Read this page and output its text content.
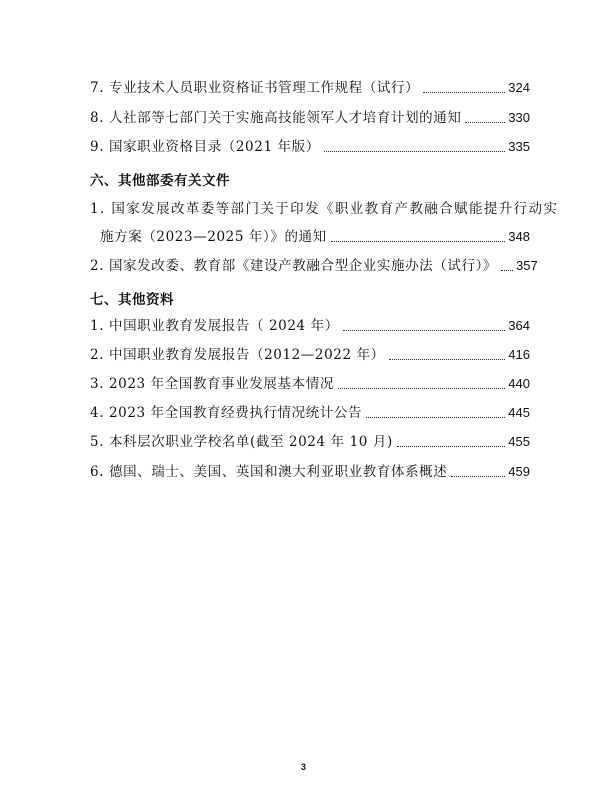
7. 专业技术人员职业资格证书管理工作规程（试行）	324
8. 人社部等七部门关于实施高技能领军人才培育计划的通知	330
9. 国家职业资格目录（2021 年版）	335
六、其他部委有关文件
1. 国家发展改革委等部门关于印发《职业教育产教融合赋能提升行动实
施方案（2023—2025 年）》的通知	348
2. 国家发改委、教育部《建设产教融合型企业实施办法（试行）》 357
七、其他资料
1. 中国职业教育发展报告（ 2024 年）	364
2. 中国职业教育发展报告（2012—2022 年）	416
3. 2023 年全国教育事业发展基本情况	440
4. 2023 年全国教育经费执行情况统计公告	445
5. 本科层次职业学校名单(截至 2024 年 10 月)	455
6. 德国、瑞士、美国、英国和澳大利亚职业教育体系概述	459
3
